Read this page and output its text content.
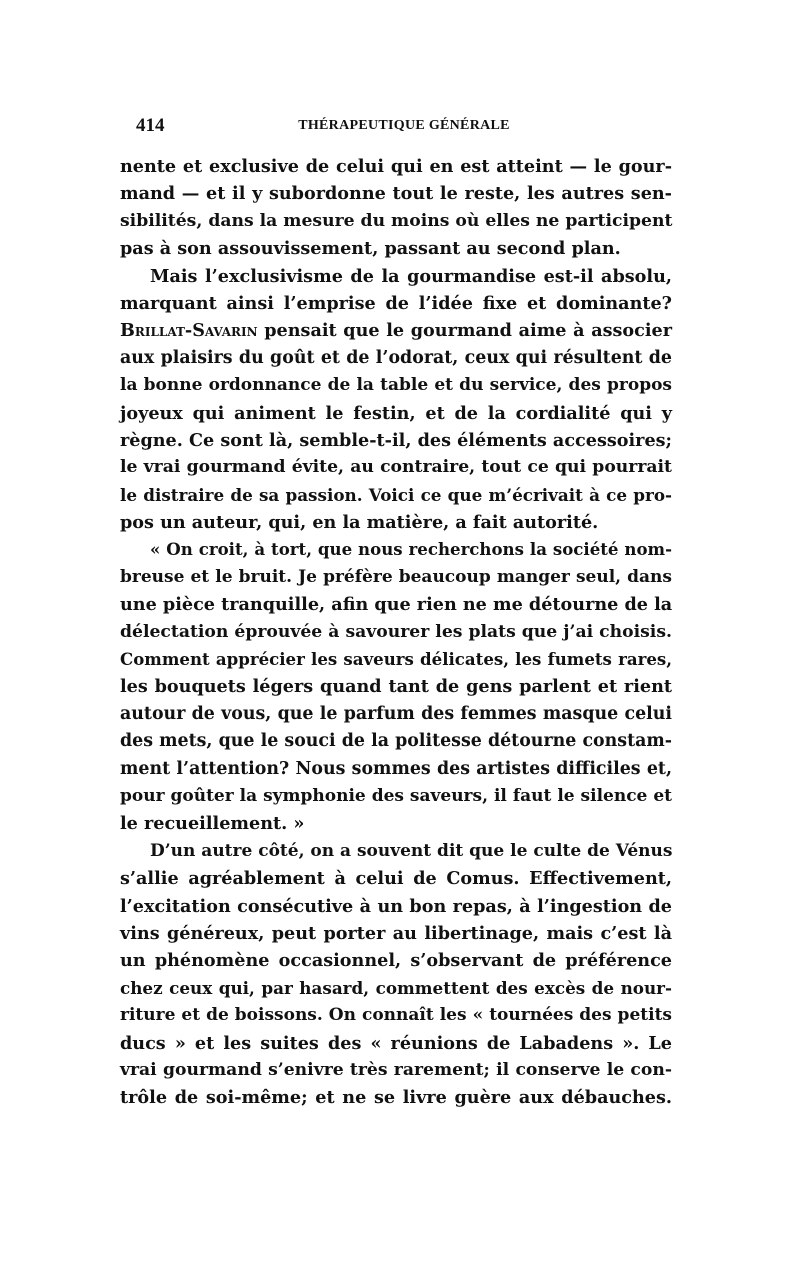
414	THÉRAPEUTIQUE GÉNÉRALE
nente et exclusive de celui qui en est atteint — le gour-
mand — et il y subordonne tout le reste, les autres sen-
sibilités, dans la mesure du moins où elles ne participent
pas à son assouvissement, passant au second plan.
Mais l’exclusivisme de la gourmandise est-il absolu,
marquant ainsi l’emprise de l’idée fixe et dominante?
Brillat-Savarin pensait que le gourmand aime à associer
aux plaisirs du goût et de l’odorat, ceux qui résultent de
la bonne ordonnance de la table et du service, des propos
joyeux qui animent le festin, et de la cordialité qui y
règne. Ce sont là, semble-t-il, des éléments accessoires;
le vrai gourmand évite, au contraire, tout ce qui pourrait
le distraire de sa passion. Voici ce que m’écrivait à ce pro-
pos un auteur, qui, en la matière, a fait autorité.
« On croit, à tort, que nous recherchons la société nom-
breuse et le bruit. Je préfère beaucoup manger seul, dans
une pièce tranquille, afin que rien ne me détourne de la
délectation éprouvée à savourer les plats que j’ai choisis.
Comment apprécier les saveurs délicates, les fumets rares,
les bouquets légers quand tant de gens parlent et rient
autour de vous, que le parfum des femmes masque celui
des mets, que le souci de la politesse détourne constam-
ment l’attention? Nous sommes des artistes difficiles et,
pour goûter la symphonie des saveurs, il faut le silence et
le recueillement. »
D’un autre côté, on a souvent dit que le culte de Vénus
s’allie agréablement à celui de Comus. Effectivement,
l’excitation consécutive à un bon repas, à l’ingestion de
vins généreux, peut porter au libertinage, mais c’est là
un phénomène occasionnel, s’observant de préférence
chez ceux qui, par hasard, commettent des excès de nour-
riture et de boissons. On connaît les « tournées des petits
ducs » et les suites des « réunions de Labadens ». Le
vrai gourmand s’enivre très rarement; il conserve le con-
trôle de soi-même; et ne se livre guère aux débauches.
